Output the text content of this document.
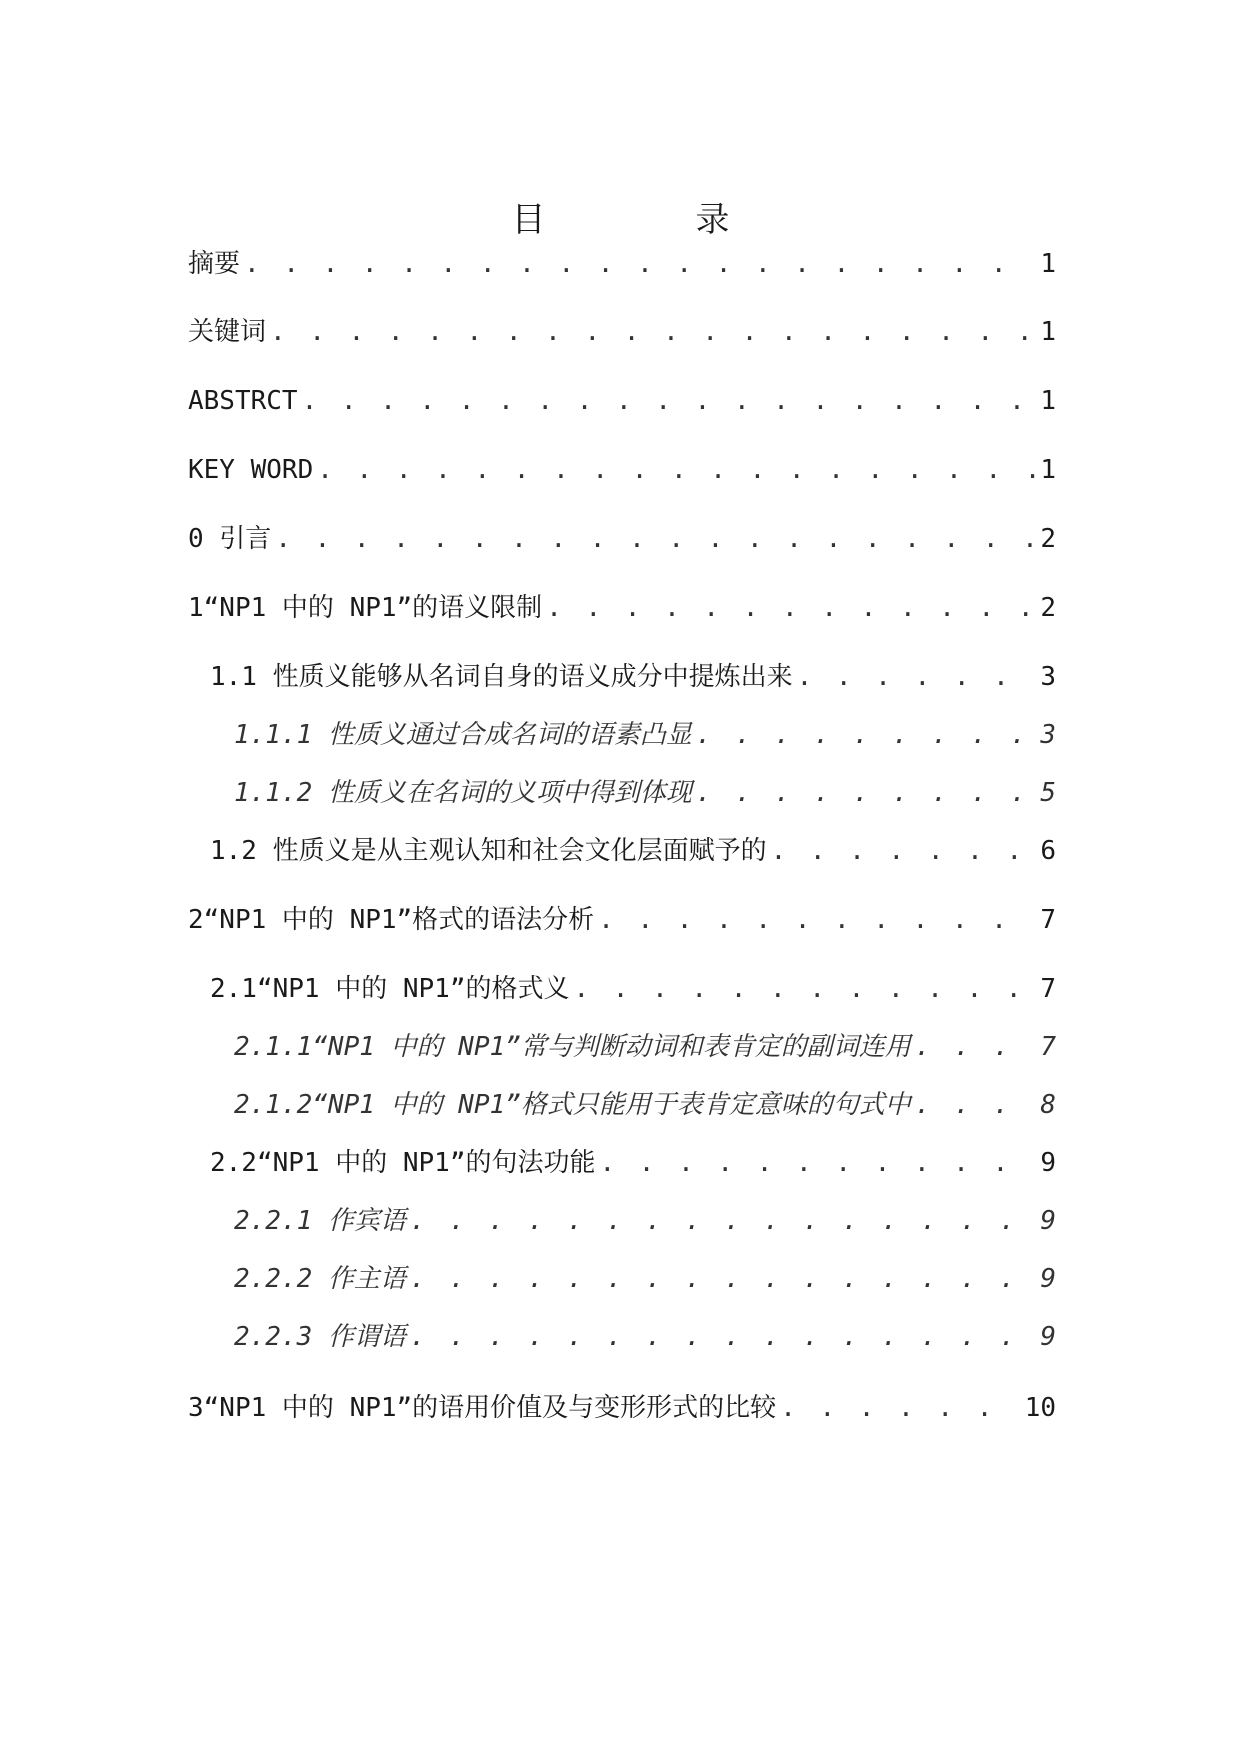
目录
摘要 . . .	1
关键词 . . .	1
ABSTRCT . . .	1
KEY WORD . . .	1
0 引言 . . .	2
1“NP1 中的 NP1”的语义限制 . . .	2
1.1 性质义能够从名词自身的语义成分中提炼出来 . . .	3
1.1.1 性质义通过合成名词的语素凸显 . . .	3
1.1.2 性质义在名词的义项中得到体现 . . .	5
1.2 性质义是从主观认知和社会文化层面赋予的 . . .	6
2“NP1 中的 NP1”格式的语法分析 . . .	7
2.1“NP1 中的 NP1”的格式义 . . .	7
2.1.1“NP1 中的 NP1”常与判断动词和表肯定的副词连用 . . .	7
2.1.2“NP1 中的 NP1”格式只能用于表肯定意味的句式中 . . .	8
2.2“NP1 中的 NP1”的句法功能 . . .	9
2.2.1 作宾语 . . .	9
2.2.2 作主语 . . .	9
2.2.3 作谓语 . . .	9
3“NP1 中的 NP1”的语用价值及与变形形式的比较 . . .	10
